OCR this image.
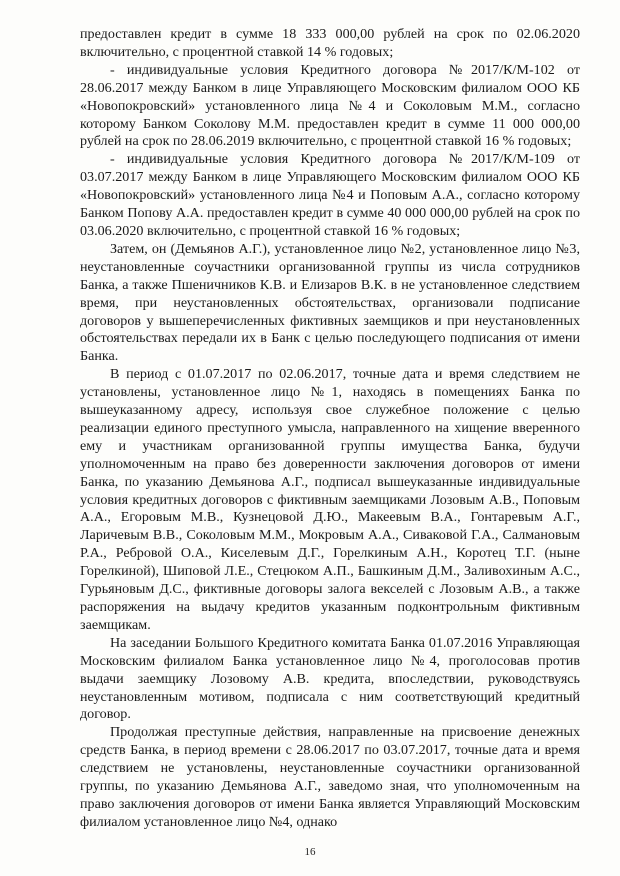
предоставлен кредит в сумме 18 333 000,00 рублей на срок по 02.06.2020 включительно, с процентной ставкой 14 % годовых;

- индивидуальные условия Кредитного договора №2017/К/М-102 от 28.06.2017 между Банком в лице Управляющего Московским филиалом ООО КБ «Новопокровский» установленного лица №4 и Соколовым М.М., согласно которому Банком Соколову М.М. предоставлен кредит в сумме 11 000 000,00 рублей на срок по 28.06.2019 включительно, с процентной ставкой 16 % годовых;

- индивидуальные условия Кредитного договора №2017/К/М-109 от 03.07.2017 между Банком в лице Управляющего Московским филиалом ООО КБ «Новопокровский» установленного лица №4 и Поповым А.А., согласно которому Банком Попову А.А. предоставлен кредит в сумме 40 000 000,00 рублей на срок по 03.06.2020 включительно, с процентной ставкой 16 % годовых;

Затем, он (Демьянов А.Г.), установленное лицо №2, установленное лицо №3, неустановленные соучастники организованной группы из числа сотрудников Банка, а также Пшеничников К.В. и Елизаров В.К. в не установленное следствием время, при неустановленных обстоятельствах, организовали подписание договоров у вышеперечисленных фиктивных заемщиков и при неустановленных обстоятельствах передали их в Банк с целью последующего подписания от имени Банка.

В период с 01.07.2017 по 02.06.2017, точные дата и время следствием не установлены, установленное лицо №1, находясь в помещениях Банка по вышеуказанному адресу, используя свое служебное положение с целью реализации единого преступного умысла, направленного на хищение вверенного ему и участникам организованной группы имущества Банка, будучи уполномоченным на право без доверенности заключения договоров от имени Банка, по указанию Демьянова А.Г., подписал вышеуказанные индивидуальные условия кредитных договоров с фиктивным заемщиками Лозовым А.В., Поповым А.А., Егоровым М.В., Кузнецовой Д.Ю., Макеевым В.А., Гонтаревым А.Г., Ларичевым В.В., Соколовым М.М., Мокровым А.А., Сиваковой Г.А., Салмановым Р.А., Ребровой О.А., Киселевым Д.Г., Горелкиным А.Н., Коротец Т.Г. (ныне Горелкиной), Шиповой Л.Е., Стецюком А.П., Башкиным Д.М., Заливохиным А.С., Гурьяновым Д.С., фиктивные договоры залога векселей с Лозовым А.В., а также распоряжения на выдачу кредитов указанным подконтрольным фиктивным заемщикам.

На заседании Большого Кредитного комитата Банка 01.07.2016 Управляющая Московским филиалом Банка установленное лицо №4, проголосовав против выдачи заемщику Лозовому А.В. кредита, впоследствии, руководствуясь неустановленным мотивом, подписала с ним соответствующий кредитный договор.

Продолжая преступные действия, направленные на присвоение денежных средств Банка, в период времени с 28.06.2017 по 03.07.2017, точные дата и время следствием не установлены, неустановленные соучастники организованной группы, по указанию Демьянова А.Г., заведомо зная, что уполномоченным на право заключения договоров от имени Банка является Управляющий Московским филиалом установленное лицо №4, однако

16
